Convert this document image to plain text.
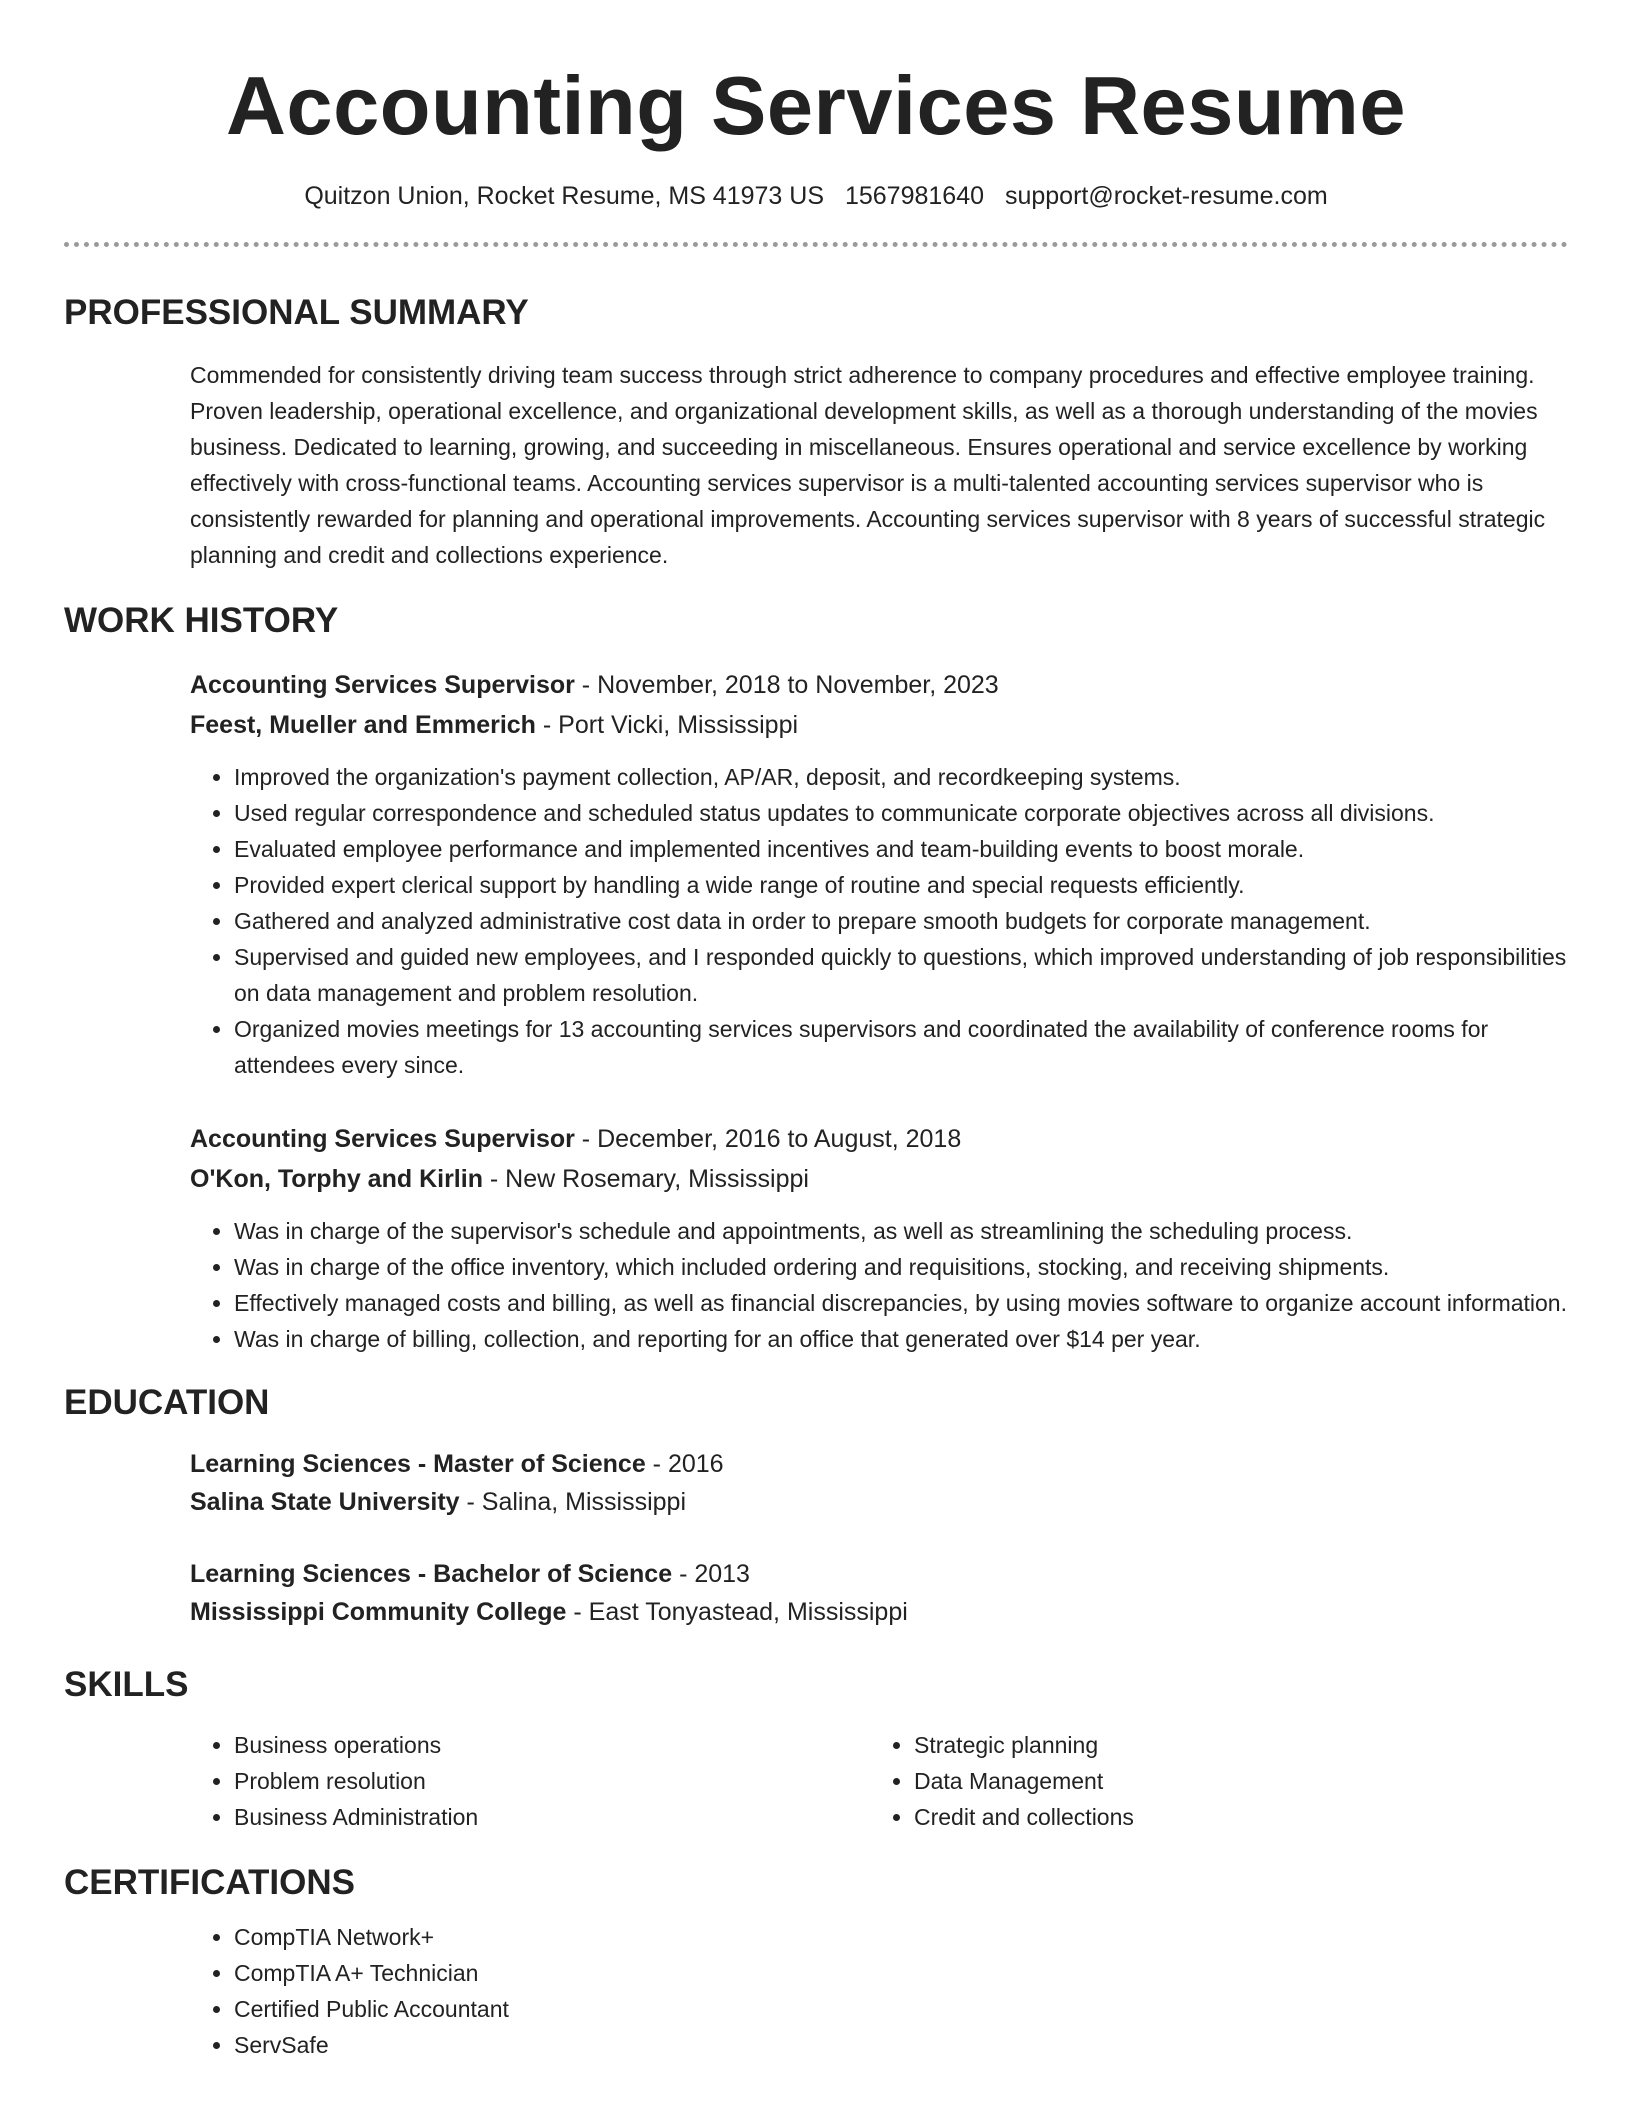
Accounting Services Resume
Quitzon Union, Rocket Resume, MS 41973 US 1567981640 support@rocket-resume.com
PROFESSIONAL SUMMARY

Commended for consistently driving team success through strict adherence to company procedures and effective employee training. Proven leadership, operational excellence, and organizational development skills, as well as a thorough understanding of the movies business. Dedicated to learning, growing, and succeeding in miscellaneous. Ensures operational and service excellence by working effectively with cross-functional teams. Accounting services supervisor is a multi-talented accounting services supervisor who is consistently rewarded for planning and operational improvements. Accounting services supervisor with 8 years of successful strategic planning and credit and collections experience.

WORK HISTORY
Accounting Services Supervisor - November, 2018 to November, 2023
Feest, Mueller and Emmerich - Port Vicki, Mississippi
• Improved the organization's payment collection, AP/AR, deposit, and recordkeeping systems.
• Used regular correspondence and scheduled status updates to communicate corporate objectives across all divisions.
• Evaluated employee performance and implemented incentives and team-building events to boost morale.
• Provided expert clerical support by handling a wide range of routine and special requests efficiently.
• Gathered and analyzed administrative cost data in order to prepare smooth budgets for corporate management.
• Supervised and guided new employees, and I responded quickly to questions, which improved understanding of job responsibilities on data management and problem resolution.
• Organized movies meetings for 13 accounting services supervisors and coordinated the availability of conference rooms for attendees every since.
Accounting Services Supervisor - December, 2016 to August, 2018
O'Kon, Torphy and Kirlin - New Rosemary, Mississippi
• Was in charge of the supervisor's schedule and appointments, as well as streamlining the scheduling process.
• Was in charge of the office inventory, which included ordering and requisitions, stocking, and receiving shipments.
• Effectively managed costs and billing, as well as financial discrepancies, by using movies software to organize account information.
• Was in charge of billing, collection, and reporting for an office that generated over $14 per year.
EDUCATION
Learning Sciences - Master of Science - 2016
Salina State University - Salina, Mississippi
Learning Sciences - Bachelor of Science - 2013
Mississippi Community College - East Tonyastead, Mississippi
SKILLS
• Business operations
• Problem resolution
• Business Administration
• Strategic planning
• Data Management
• Credit and collections
CERTIFICATIONS
• CompTIA Network+
• CompTIA A+ Technician
• Certified Public Accountant
• ServSafe
